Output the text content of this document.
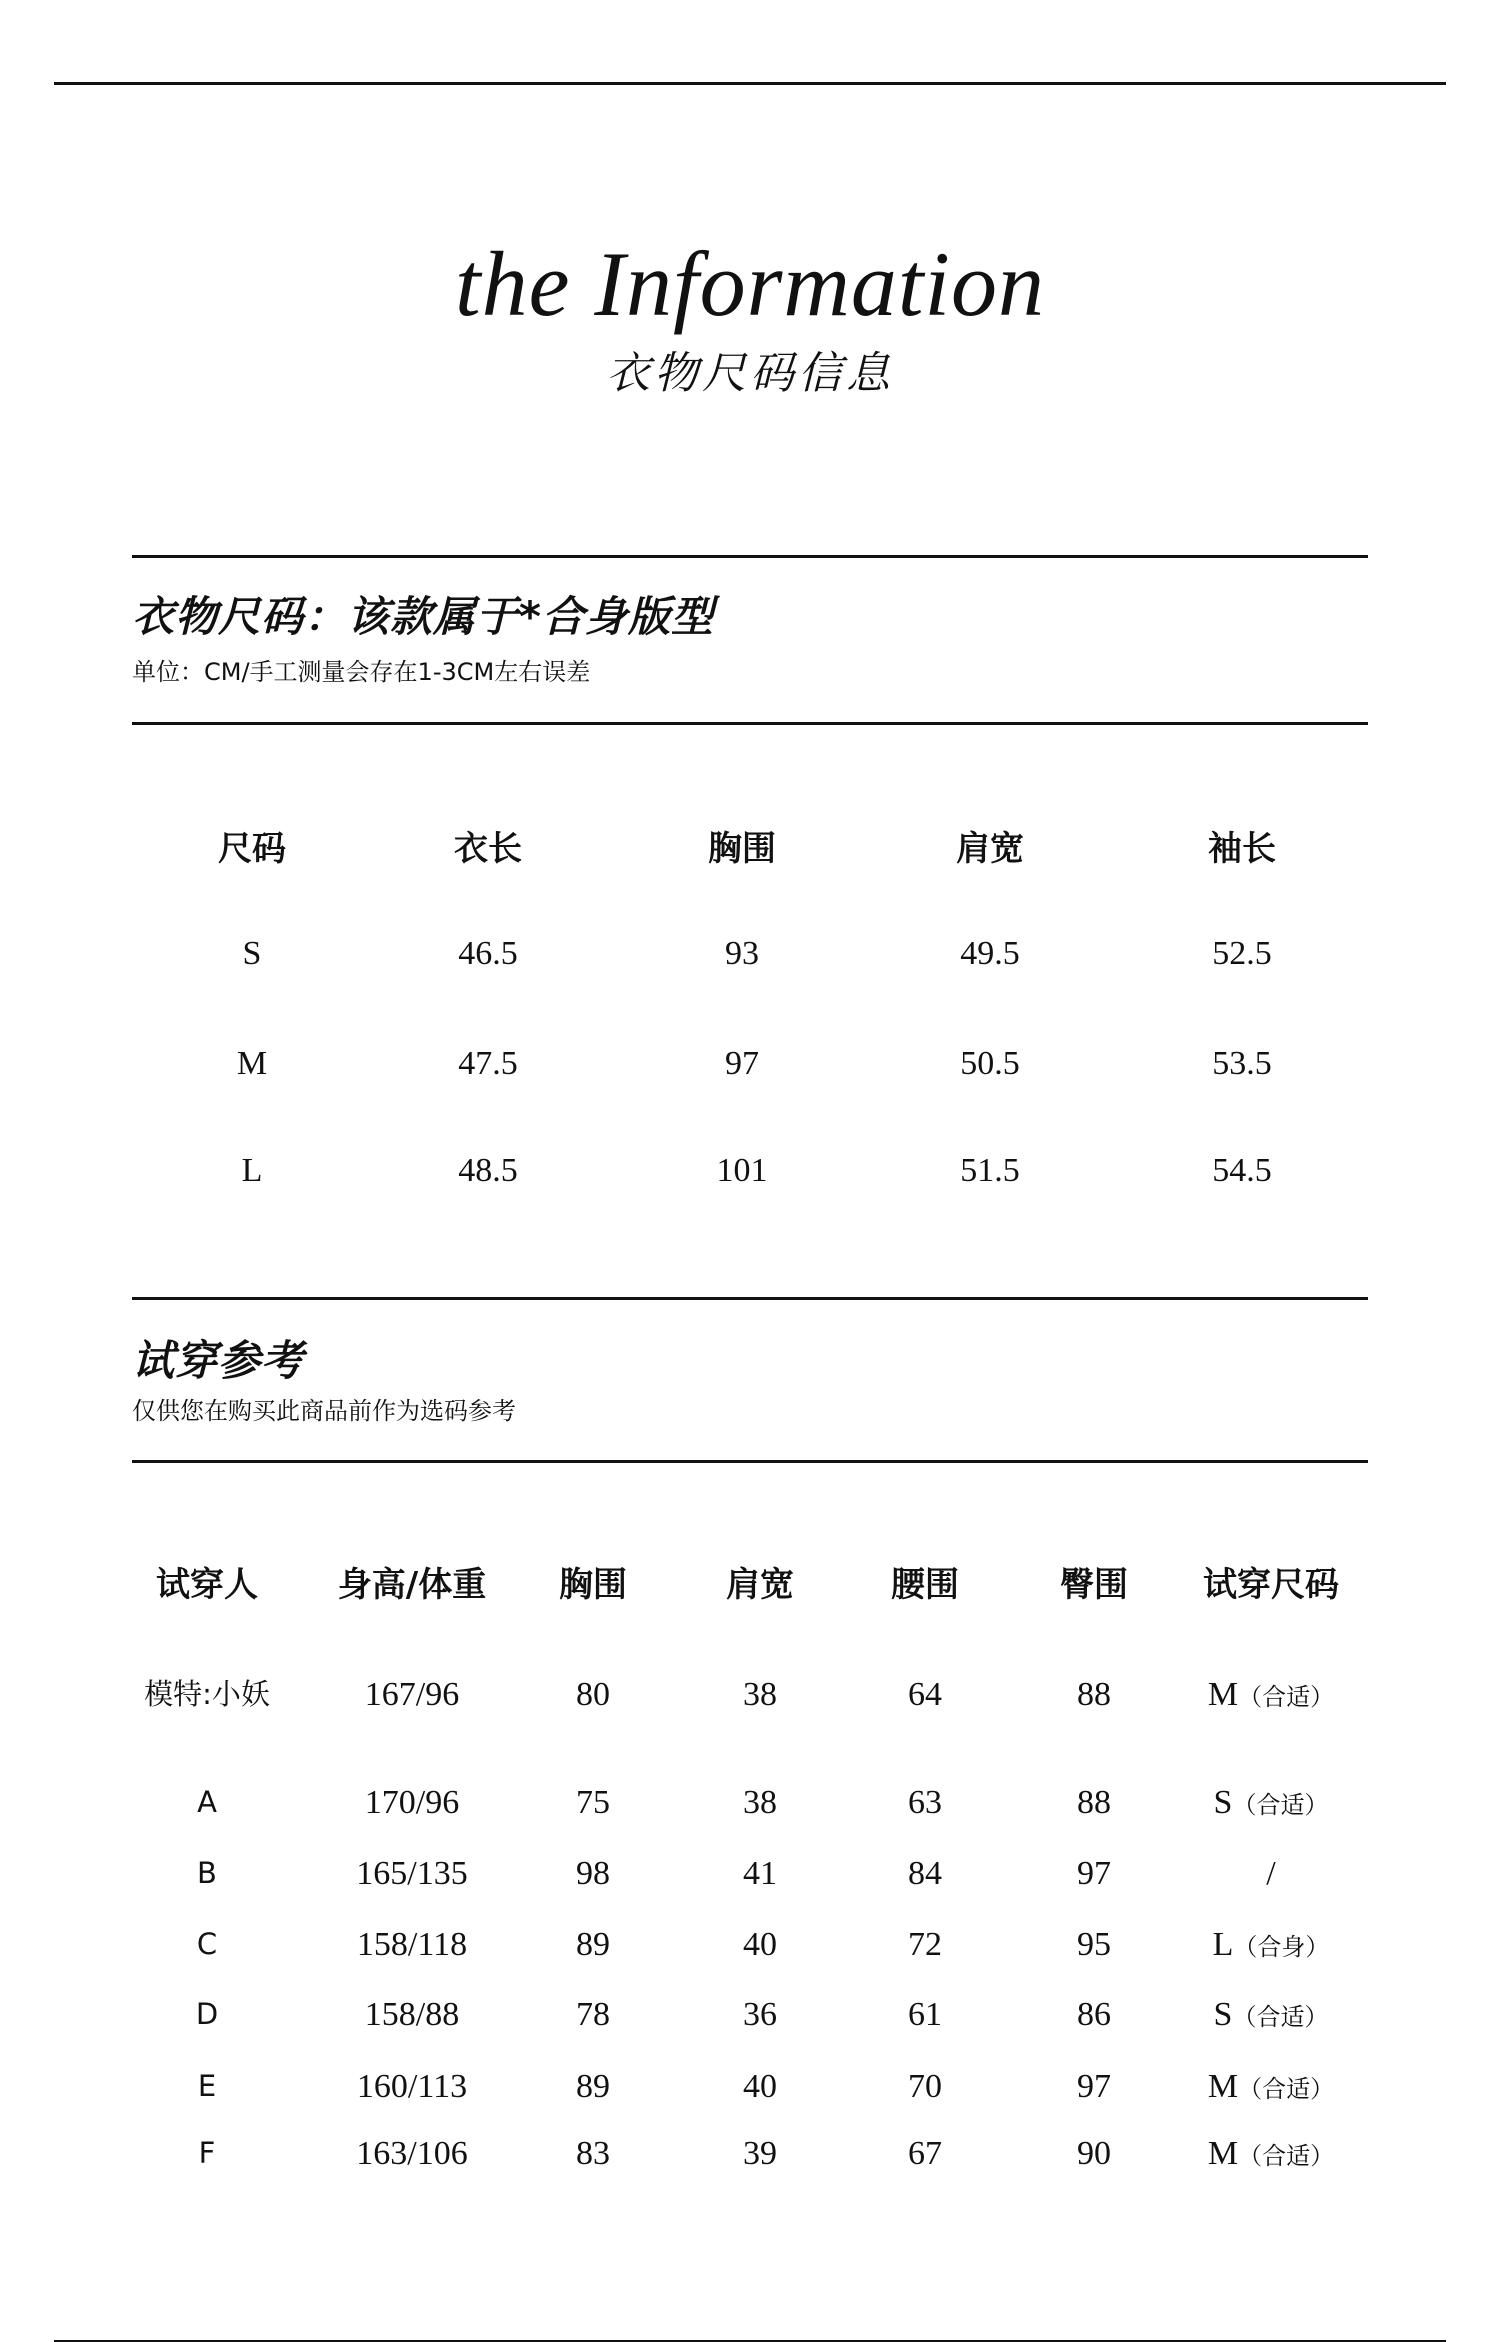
the Information
衣物尺码信息
衣物尺码：该款属于*合身版型
单位：CM/手工测量会存在1-3CM左右误差
尺码	衣长	胸围	肩宽	袖长
S	46.5	93	49.5	52.5
M	47.5	97	50.5	53.5
L	48.5	101	51.5	54.5
试穿参考
仅供您在购买此商品前作为选码参考
试穿人	身高/体重	胸围	肩宽	腰围	臀围	试穿尺码
模特:小妖	167/96	80	38	64	88	M（合适）
A	170/96	75	38	63	88	S（合适）
B	165/135	98	41	84	97	/
C	158/118	89	40	72	95	L（合身）
D	158/88	78	36	61	86	S（合适）
E	160/113	89	40	70	97	M（合适）
F	163/106	83	39	67	90	M（合适）
